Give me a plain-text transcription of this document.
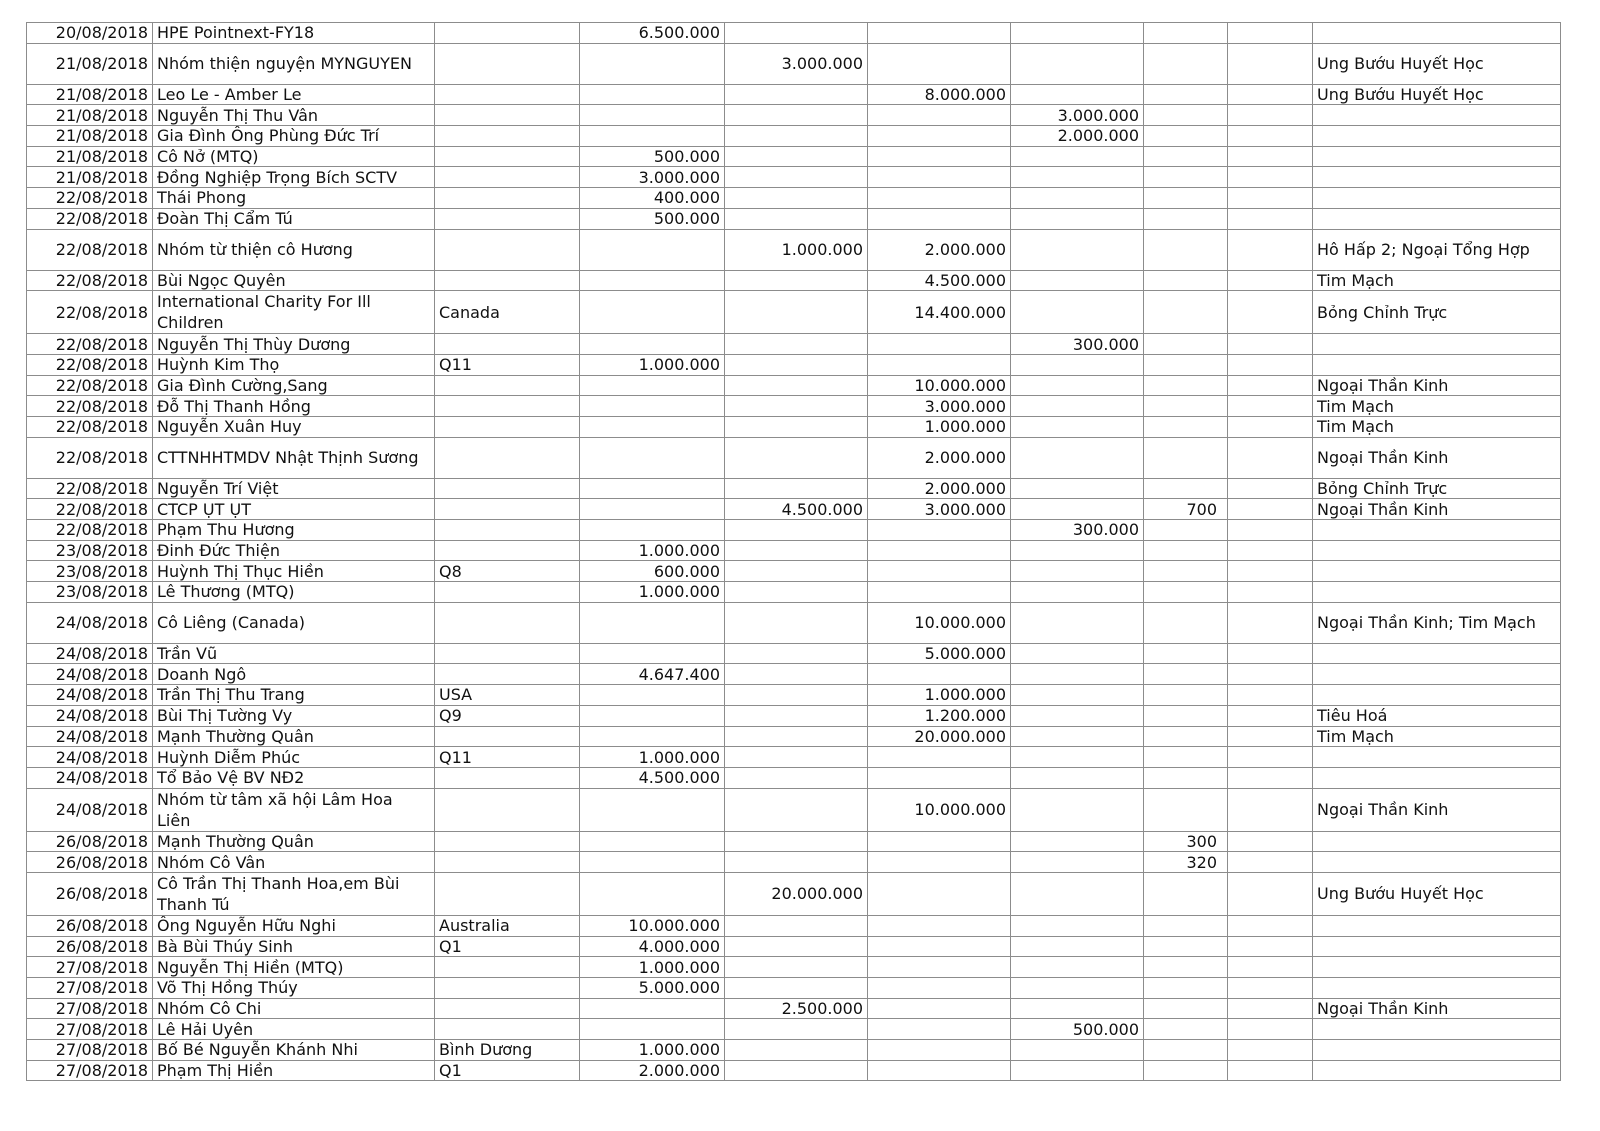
20/08/2018	HPE Pointnext-FY18		6.500.000						
21/08/2018	Nhóm thiện nguyện MYNGUYEN			3.000.000					Ung Bướu Huyết Học
21/08/2018	Leo Le - Amber Le				8.000.000				Ung Bướu Huyết Học
21/08/2018	Nguyễn Thị Thu Vân					3.000.000			
21/08/2018	Gia Đình Ông Phùng Đức Trí					2.000.000			
21/08/2018	Cô Nở (MTQ)		500.000						
21/08/2018	Đồng Nghiệp Trọng Bích SCTV		3.000.000						
22/08/2018	Thái Phong		400.000						
22/08/2018	Đoàn Thị Cẩm Tú		500.000						
22/08/2018	Nhóm từ thiện cô Hương			1.000.000	2.000.000				Hô Hấp 2; Ngoại Tổng Hợp
22/08/2018	Bùi Ngọc Quyên				4.500.000				Tim Mạch
22/08/2018	International Charity For Ill Children	Canada			14.400.000				Bỏng Chỉnh Trực
22/08/2018	Nguyễn Thị Thùy Dương					300.000			
22/08/2018	Huỳnh Kim Thọ	Q11	1.000.000						
22/08/2018	Gia Đình Cường,Sang				10.000.000				Ngoại Thần Kinh
22/08/2018	Đỗ Thị Thanh Hồng				3.000.000				Tim Mạch
22/08/2018	Nguyễn Xuân Huy				1.000.000				Tim Mạch
22/08/2018	CTTNHHTMDV Nhật Thịnh Sương				2.000.000				Ngoại Thần Kinh
22/08/2018	Nguyễn Trí Việt				2.000.000				Bỏng Chỉnh Trực
22/08/2018	CTCP ỤT ỤT			4.500.000	3.000.000		700		Ngoại Thần Kinh
22/08/2018	Phạm Thu Hương					300.000			
23/08/2018	Đinh Đức Thiện		1.000.000						
23/08/2018	Huỳnh Thị Thục Hiền	Q8	600.000						
23/08/2018	Lê Thương (MTQ)		1.000.000						
24/08/2018	Cô Liêng (Canada)				10.000.000				Ngoại Thần Kinh; Tim Mạch
24/08/2018	Trần Vũ				5.000.000				
24/08/2018	Doanh Ngô		4.647.400						
24/08/2018	Trần Thị Thu Trang	USA			1.000.000				
24/08/2018	Bùi Thị Tường Vy	Q9			1.200.000				Tiêu Hoá
24/08/2018	Mạnh Thường Quân				20.000.000				Tim Mạch
24/08/2018	Huỳnh Diễm Phúc	Q11	1.000.000						
24/08/2018	Tổ Bảo Vệ BV NĐ2		4.500.000						
24/08/2018	Nhóm từ tâm xã hội Lâm Hoa Liên				10.000.000				Ngoại Thần Kinh
26/08/2018	Mạnh Thường Quân						300		
26/08/2018	Nhóm Cô Vân						320		
26/08/2018	Cô Trần Thị Thanh Hoa,em Bùi Thanh Tú			20.000.000					Ung Bướu Huyết Học
26/08/2018	Ông Nguyễn Hữu Nghi	Australia	10.000.000						
26/08/2018	Bà Bùi Thúy Sinh	Q1	4.000.000						
27/08/2018	Nguyễn Thị Hiền (MTQ)		1.000.000						
27/08/2018	Võ Thị Hồng Thúy		5.000.000						
27/08/2018	Nhóm Cô Chi			2.500.000					Ngoại Thần Kinh
27/08/2018	Lê Hải Uyên					500.000			
27/08/2018	Bố Bé Nguyễn Khánh Nhi	Bình Dương	1.000.000						
27/08/2018	Phạm Thị Hiền	Q1	2.000.000						
